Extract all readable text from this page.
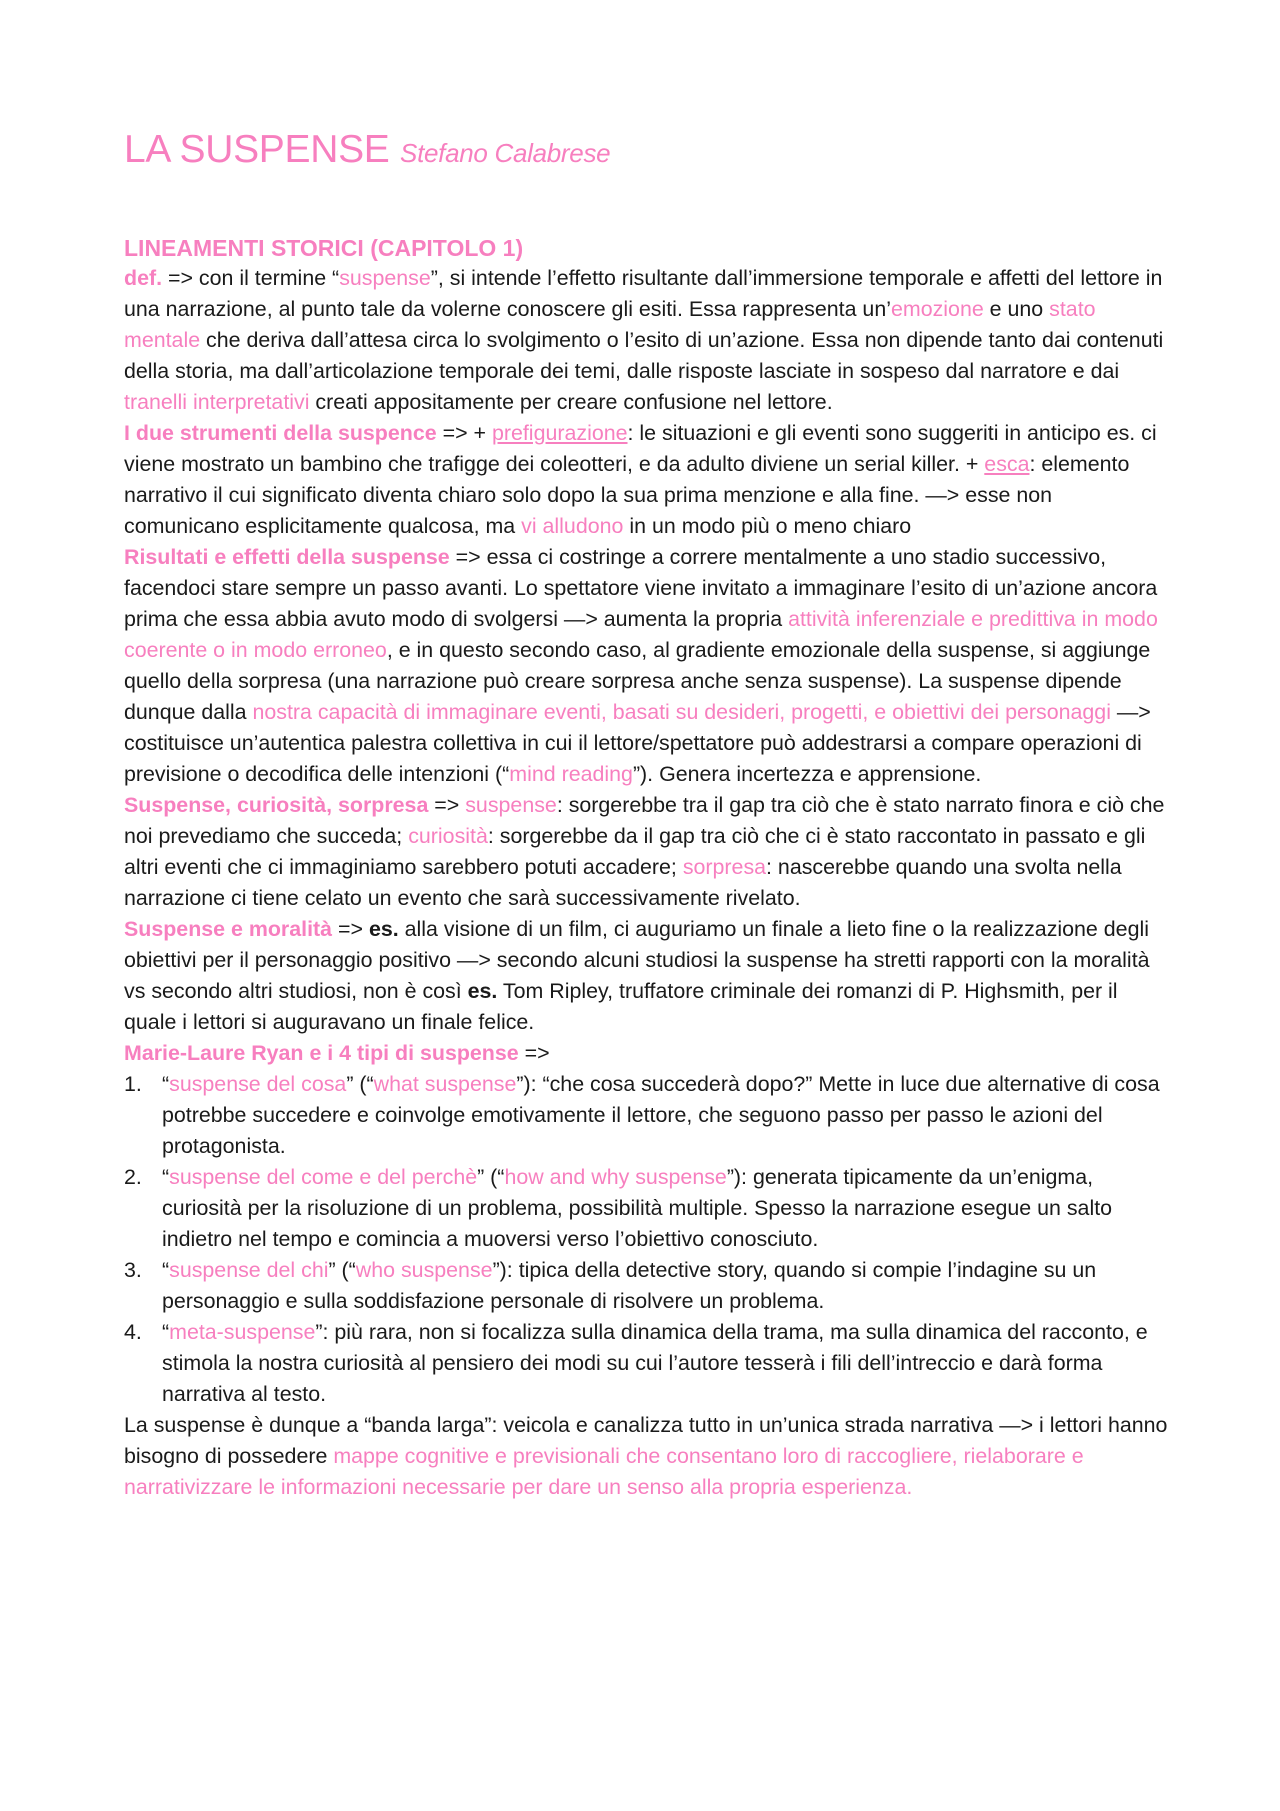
LA SUSPENSE Stefano Calabrese
LINEAMENTI STORICI (CAPITOLO 1)

def. => con il termine “suspense”, si intende l’effetto risultante dall’immersione temporale e affetti del lettore in una narrazione, al punto tale da volerne conoscere gli esiti. Essa rappresenta un’emozione e uno stato mentale che deriva dall’attesa circa lo svolgimento o l’esito di un’azione. Essa non dipende tanto dai contenuti della storia, ma dall’articolazione temporale dei temi, dalle risposte lasciate in sospeso dal narratore e dai tranelli interpretativi creati appositamente per creare confusione nel lettore.

I due strumenti della suspence => + prefigurazione: le situazioni e gli eventi sono suggeriti in anticipo es. ci viene mostrato un bambino che trafigge dei coleotteri, e da adulto diviene un serial killer. + esca: elemento narrativo il cui significato diventa chiaro solo dopo la sua prima menzione e alla fine. —> esse non comunicano esplicitamente qualcosa, ma vi alludono in un modo più o meno chiaro

Risultati e effetti della suspense => essa ci costringe a correre mentalmente a uno stadio successivo, facendoci stare sempre un passo avanti. Lo spettatore viene invitato a immaginare l’esito di un’azione ancora prima che essa abbia avuto modo di svolgersi —> aumenta la propria attività inferenziale e predittiva in modo coerente o in modo erroneo, e in questo secondo caso, al gradiente emozionale della suspense, si aggiunge quello della sorpresa (una narrazione può creare sorpresa anche senza suspense). La suspense dipende dunque dalla nostra capacità di immaginare eventi, basati su desideri, progetti, e obiettivi dei personaggi —> costituisce un’autentica palestra collettiva in cui il lettore/spettatore può addestrarsi a compare operazioni di previsione o decodifica delle intenzioni (“mind reading”). Genera incertezza e apprensione.

Suspense, curiosità, sorpresa => suspense: sorgerebbe tra il gap tra ciò che è stato narrato finora e ciò che noi prevediamo che succeda; curiosità: sorgerebbe da il gap tra ciò che ci è stato raccontato in passato e gli altri eventi che ci immaginiamo sarebbero potuti accadere; sorpresa: nascerebbe quando una svolta nella narrazione ci tiene celato un evento che sarà successivamente rivelato.

Suspense e moralità => es. alla visione di un film, ci auguriamo un finale a lieto fine o la realizzazione degli obiettivi per il personaggio positivo —> secondo alcuni studiosi la suspense ha stretti rapporti con la moralità vs secondo altri studiosi, non è così es. Tom Ripley, truffatore criminale dei romanzi di P. Highsmith, per il quale i lettori si auguravano un finale felice.

Marie-Laure Ryan e i 4 tipi di suspense =>

1. “suspense del cosa” (“what suspense”): “che cosa succederà dopo?” Mette in luce due alternative di cosa potrebbe succedere e coinvolge emotivamente il lettore, che seguono passo per passo le azioni del protagonista.
2. “suspense del come e del perchè” (“how and why suspense”): generata tipicamente da un’enigma, curiosità per la risoluzione di un problema, possibilità multiple. Spesso la narrazione esegue un salto indietro nel tempo e comincia a muoversi verso l’obiettivo conosciuto.
3. “suspense del chi” (“who suspense”): tipica della detective story, quando si compie l’indagine su un personaggio e sulla soddisfazione personale di risolvere un problema.
4. “meta-suspense”: più rara, non si focalizza sulla dinamica della trama, ma sulla dinamica del racconto, e stimola la nostra curiosità al pensiero dei modi su cui l’autore tesserà i fili dell’intreccio e darà forma narrativa al testo.

La suspense è dunque a “banda larga”: veicola e canalizza tutto in un’unica strada narrativa —> i lettori hanno bisogno di possedere mappe cognitive e previsionali che consentano loro di raccogliere, rielaborare e narrativizzare le informazioni necessarie per dare un senso alla propria esperienza.
